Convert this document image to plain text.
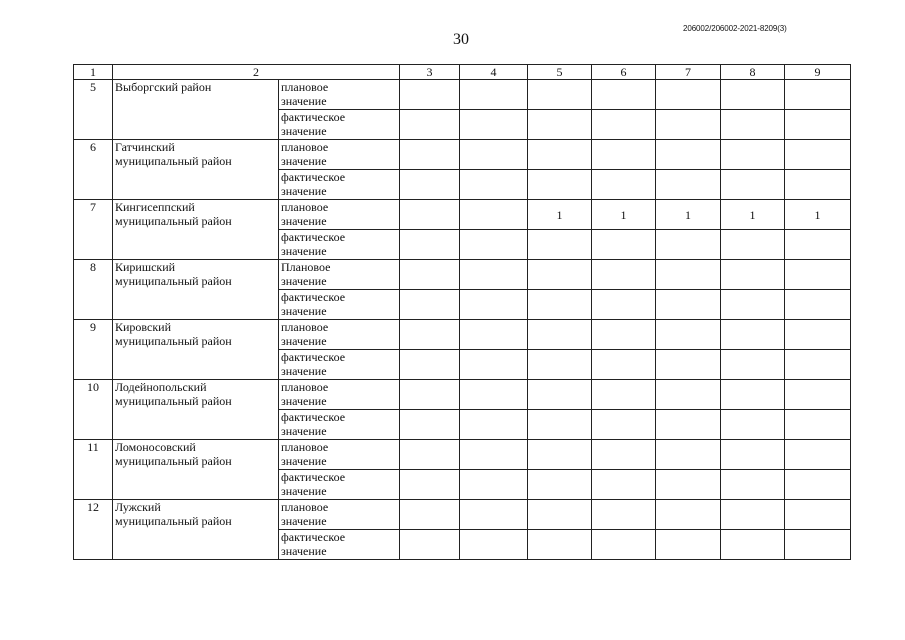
30
206002/206002-2021-8209(3)
1	2		3	4	5	6	7	8	9
5	Выборгский район	плановое
значение							
		фактическое
значение							
6	Гатчинский
муниципальный район	плановое
значение							
		фактическое
значение							
7	Кингисеппский
муниципальный район	плановое
значение			1	1	1	1	1
		фактическое
значение							
8	Киришский
муниципальный район	Плановое
значение							
		фактическое
значение							
9	Кировский
муниципальный район	плановое
значение							
		фактическое
значение							
10	Лодейнопольский
муниципальный район	плановое
значение							
		фактическое
значение							
11	Ломоносовский
муниципальный район	плановое
значение							
		фактическое
значение							
12	Лужский
муниципальный район	плановое
значение							
		фактическое
значение							
